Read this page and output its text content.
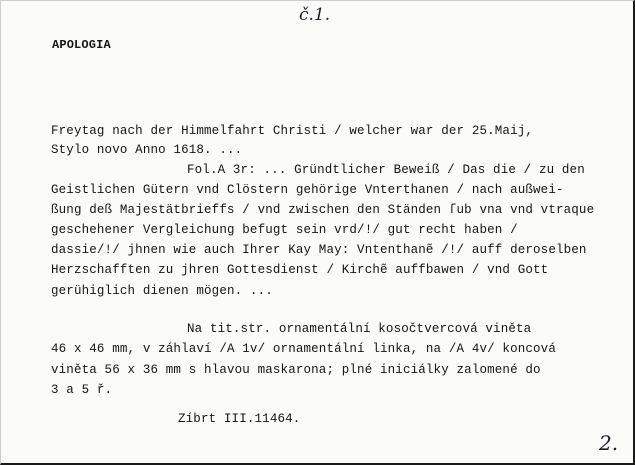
č.1.
APOLOGIA
Freytag nach der Himmelfahrt Christi / welcher war der 25.Maij,
Stylo novo Anno 1618. ...
Fol.A 3r: ... Gründtlicher Beweiß / Das die / zu den
Geistlichen Gütern vnd Clöstern gehörige Vnterthanen / nach außwei-
ßung deß Majestätbrieffs / vnd zwischen den Ständen ſub vna vnd vtraque
geschehener Vergleichung befugt sein vrd/!/ gut recht haben /
dassie/!/ jhnen wie auch Ihrer Kay May: Vntenthanẽ /!/ auff deroselben
Herzschafften zu jhren Gottesdienst / Kirchẽ auffbawen / vnd Gott
gerühiglich dienen mögen. ...
Na tit.str. ornamentální kosočtvercová viněta
46 x 46 mm, v záhlaví /A 1v/ ornamentální linka, na /A 4v/ koncová
viněta 56 x 36 mm s hlavou maskarona; plné iniciálky zalomené do
3 a 5 ř.
Zíbrt III.11464.
2.
